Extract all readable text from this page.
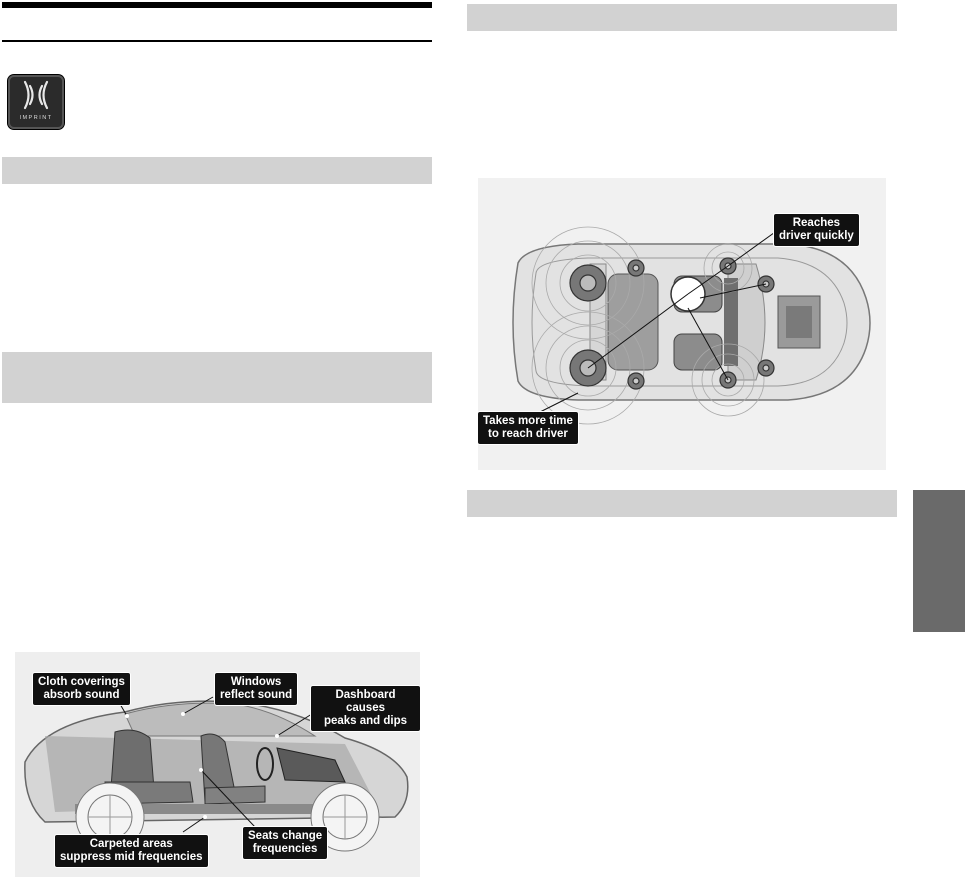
IMPRINT
Reaches
driver quickly
Takes more time
to reach driver
Cloth coverings
absorb sound
Windows
reflect sound	Dashboard causes
peaks and dips
Carpeted areas
suppress mid frequencies
Seats change
frequencies
